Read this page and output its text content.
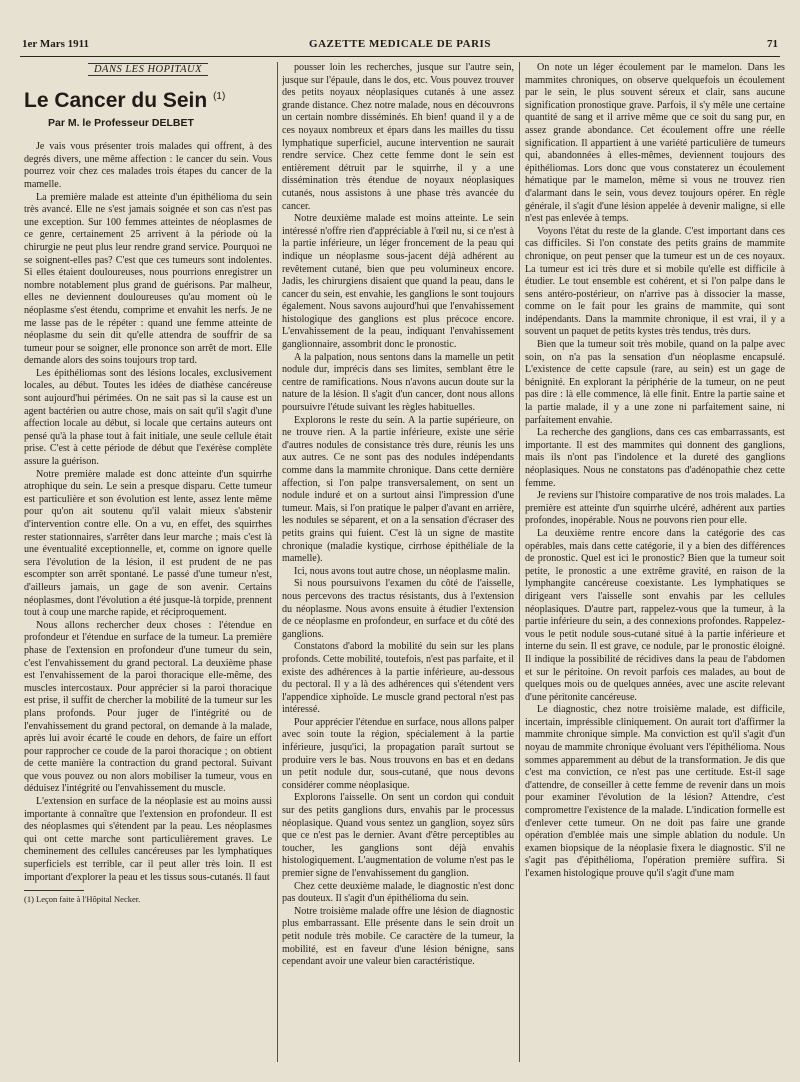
1er Mars 1911	GAZETTE MEDICALE DE PARIS	71
DANS LES HOPITAUX
Le Cancer du Sein $^{(1)}$
Par M. le Professeur DELBET

Je vais vous présenter trois malades qui offrent, à des degrés divers, une même affection : le cancer du sein. Vous pourrez voir chez ces malades trois étapes du cancer de la mamelle.

La première malade est atteinte d'un épithélioma du sein très avancé. Elle ne s'est jamais soignée et son cas n'est pas une exception. Sur 100 femmes atteintes de néoplasmes de ce genre, certainement 25 arrivent à la période où la chirurgie ne peut plus leur rendre grand service. Pourquoi ne se soignent-elles pas? C'est que ces tumeurs sont indolentes. Si elles étaient douloureuses, nous pourrions enregistrer un nombre notablement plus grand de guérisons. Par malheur, elles ne deviennent douloureuses qu'au moment où le néoplasme s'est étendu, comprime et envahit les nerfs. Je ne me lasse pas de le répéter : quand une femme atteinte de néoplasme du sein dit qu'elle attendra de souffrir de sa tumeur pour se soigner, elle prononce son arrêt de mort. Elle demande alors des soins toujours trop tard.

Les épithéliomas sont des lésions locales, exclusivement locales, au début. Toutes les idées de diathèse cancéreuse sont aujourd'hui périmées. On ne sait pas si la cause est un agent bactérien ou autre chose, mais on sait qu'il s'agit d'une affection locale au début, si locale que certains auteurs ont pensé qu'à la phase tout à fait initiale, une seule cellule était prise. C'est à cette période de début que l'exérèse complète assure la guérison.

Notre première malade est donc atteinte d'un squirrhe atrophique du sein. Le sein a presque disparu. Cette tumeur est particulière et son évolution est lente, assez lente même pour qu'on ait soutenu qu'il valait mieux s'abstenir d'intervention contre elle. On a vu, en effet, des squirrhes rester stationnaires, s'arrêter dans leur marche ; mais c'est là une éventualité exceptionnelle, et, comme on ignore quelle sera l'évolution de la lésion, il est prudent de ne pas escompter son arrêt spontané. Le passé d'une tumeur n'est, d'ailleurs jamais, un gage de son avenir. Certains néoplasmes, dont l'évolution a été jusque-là torpide, prennent tout à coup une marche rapide, et réciproquement.

Nous allons rechercher deux choses : l'étendue en profondeur et l'étendue en surface de la tumeur. La première phase de l'extension en profondeur d'une tumeur du sein, c'est l'envahissement du grand pectoral. La deuxième phase est l'envahissement de la paroi thoracique elle-même, des muscles intercostaux. Pour apprécier si la paroi thoracique est prise, il suffit de chercher la mobilité de la tumeur sur les plans profonds. Pour juger de l'intégrité ou de l'envahissement du grand pectoral, on demande à la malade, après lui avoir écarté le coude en dehors, de faire un effort pour rapprocher ce coude de la paroi thoracique ; on obtient de cette manière la contraction du grand pectoral. Suivant que vous pouvez ou non alors mobiliser la tumeur, vous en déduisez l'intégrité ou l'envahissement du muscle.

L'extension en surface de la néoplasie est au moins aussi importante à connaître que l'extension en profondeur. Il est des néoplasmes qui s'étendent par la peau. Les néoplasmes qui ont cette marche sont particulièrement graves. Le cheminement des cellules cancéreuses par les lymphatiques superficiels est terrible, car il peut aller très loin. Il est important d'explorer la peau et les tissus sous-cutanés. Il faut

(1) Leçon faite à l'Hôpital Necker.

pousser loin les recherches, jusque sur l'autre sein, jusque sur l'épaule, dans le dos, etc. Vous pouvez trouver des petits noyaux néoplasiques cutanés à une assez grande distance. Chez notre malade, nous en découvrons un certain nombre disséminés. Eh bien! quand il y a de ces noyaux nombreux et épars dans les mailles du tissu lymphatique superficiel, aucune intervention ne saurait rendre service. Chez cette femme dont le sein est entièrement détruit par le squirrhe, il y a une dissémination très étendue de noyaux néoplasiques cutanés, nous assistons à une phase très avancée du cancer.

Notre deuxième malade est moins atteinte. Le sein intéressé n'offre rien d'appréciable à l'œil nu, si ce n'est à la partie inférieure, un léger froncement de la peau qui indique un néoplasme sous-jacent déjà adhérent au revêtement cutané, bien que peu volumineux encore. Jadis, les chirurgiens disaient que quand la peau, dans le cancer du sein, est envahie, les ganglions le sont toujours également. Nous savons aujourd'hui que l'envahissement histologique des ganglions est plus précoce encore. L'envahissement de la peau, indiquant l'envahissement ganglionnaire, assombrit donc le pronostic.

A la palpation, nous sentons dans la mamelle un petit nodule dur, imprécis dans ses limites, semblant être le centre de ramifications. Nous n'avons aucun doute sur la nature de la lésion. Il s'agit d'un cancer, dont nous allons poursuivre l'étude suivant les règles habituelles.

Explorons le reste du sein. A la partie supérieure, on ne trouve rien. A la partie inférieure, existe une série d'autres nodules de consistance très dure, réunis les uns aux autres. Ce ne sont pas des nodules indépendants comme dans la mammite chronique. Dans cette dernière affection, si l'on palpe transversalement, on sent un nodule induré et on a surtout ainsi l'impression d'une tumeur. Mais, si l'on pratique le palper d'avant en arrière, les nodules se séparent, et on a la sensation d'écraser des petits grains qui fuient. C'est là un signe de mastite chronique (maladie kystique, cirrhose épithéliale de la mamelle).

Ici, nous avons tout autre chose, un néoplasme malin.

Si nous poursuivons l'examen du côté de l'aisselle, nous percevons des tractus résistants, dus à l'extension du néoplasme. Nous avons ensuite à étudier l'extension de ce néoplasme en profondeur, en surface et du côté des ganglions.

Constatons d'abord la mobilité du sein sur les plans profonds. Cette mobilité, toutefois, n'est pas parfaite, et il existe des adhérences à la partie inférieure, au-dessous du pectoral. Il y a là des adhérences qui s'étendent vers l'appendice xiphoïde. Le muscle grand pectoral n'est pas intéressé.

Pour apprécier l'étendue en surface, nous allons palper avec soin toute la région, spécialement à la partie inférieure, jusqu'ici, la propagation paraît surtout se produire vers le bas. Nous trouvons en bas et en dedans un petit nodule dur, sous-cutané, que nous devons considérer comme néoplasique.

Explorons l'aisselle. On sent un cordon qui conduit sur des petits ganglions durs, envahis par le processus néoplasique. Quand vous sentez un ganglion, soyez sûrs que ce n'est pas le dernier. Avant d'être perceptibles au toucher, les ganglions sont déjà envahis histologiquement. L'augmentation de volume n'est pas le premier signe de l'envahissement du ganglion.

Chez cette deuxième malade, le diagnostic n'est donc pas douteux. Il s'agit d'un épithélioma du sein.

Notre troisième malade offre une lésion de diagnostic plus embarrassant. Elle présente dans le sein droit un petit nodule très mobile. Ce caractère de la tumeur, la mobilité, est en faveur d'une lésion bénigne, sans cependant avoir une valeur bien caractéristique.

On note un léger écoulement par le mamelon. Dans les mammites chroniques, on observe quelquefois un écoulement par le sein, le plus souvent séreux et clair, sans aucune signification pronostique grave. Parfois, il s'y mêle une certaine quantité de sang et il arrive même que ce soit du sang pur, en assez grande abondance. Cet écoulement offre une réelle signification. Il appartient à une variété particulière de tumeurs qui, abandonnées à elles-mêmes, deviennent toujours des épithéliomas. Lors donc que vous constaterez un écoulement hématique par le mamelon, même si vous ne trouvez rien d'alarmant dans le sein, vous devez toujours opérer. En règle générale, il s'agit d'une lésion appelée à devenir maligne, si elle n'est pas enlevée à temps.

Voyons l'état du reste de la glande. C'est important dans ces cas difficiles. Si l'on constate des petits grains de mammite chronique, on peut penser que la tumeur est un de ces noyaux. La tumeur est ici très dure et si mobile qu'elle est difficile à étudier. Le tout ensemble est cohérent, et si l'on palpe dans le sens antéro-postérieur, on n'arrive pas à dissocier la masse, comme on le fait pour les grains de mammite, qui sont indépendants. Dans la mammite chronique, il est vrai, il y a souvent un paquet de petits kystes très tendus, très durs.

Bien que la tumeur soit très mobile, quand on la palpe avec soin, on n'a pas la sensation d'un néoplasme encapsulé. L'existence de cette capsule (rare, au sein) est un gage de bénignité. En explorant la périphérie de la tumeur, on ne peut pas dire : là elle commence, là elle finit. Entre la partie saine et la partie malade, il y a une zone ni parfaitement saine, ni parfaitement envahie.

La recherche des ganglions, dans ces cas embarrassants, est importante. Il est des mammites qui donnent des ganglions, mais ils n'ont pas l'indolence et la dureté des ganglions néoplasiques. Nous ne constatons pas d'adénopathie chez cette femme.

Je reviens sur l'histoire comparative de nos trois malades. La première est atteinte d'un squirrhe ulcéré, adhérent aux parties profondes, inopérable. Nous ne pouvons rien pour elle.

La deuxième rentre encore dans la catégorie des cas opérables, mais dans cette catégorie, il y a bien des différences de pronostic. Quel est ici le pronostic? Bien que la tumeur soit petite, le pronostic a une extrême gravité, en raison de la lymphangite cancéreuse coexistante. Les lymphatiques se dirigeant vers l'aisselle sont envahis par les cellules néoplasiques. D'autre part, rappelez-vous que la tumeur, à la partie inférieure du sein, a des connexions profondes. Rappelez-vous le petit nodule sous-cutané situé à la partie inférieure et interne du sein. Il est grave, ce nodule, par le pronostic éloigné. Il indique la possibilité de récidives dans la peau de l'abdomen et sur le péritoine. On revoit parfois ces malades, au bout de quelques mois ou de quelques années, avec une ascite relevant d'une péritonite cancéreuse.

Le diagnostic, chez notre troisième malade, est difficile, incertain, impréssible cliniquement. On aurait tort d'affirmer la mammite chronique simple. Ma conviction est qu'il s'agit d'un noyau de mammite chronique évoluant vers l'épithélioma. Nous sommes apparemment au début de la transformation. Je dis que c'est ma conviction, ce n'est pas une certitude. Est-il sage d'attendre, de conseiller à cette femme de revenir dans un mois pour examiner l'évolution de la lésion? Attendre, c'est compromettre l'existence de la malade. L'indication formelle est d'enlever cette tumeur. On ne doit pas faire une grande opération d'emblée mais une simple ablation du nodule. Un examen biopsique de la néoplasie fixera le diagnostic. S'il ne s'agit pas d'épithélioma, l'opération première suffira. Si l'examen histologique prouve qu'il s'agit d'une mam
